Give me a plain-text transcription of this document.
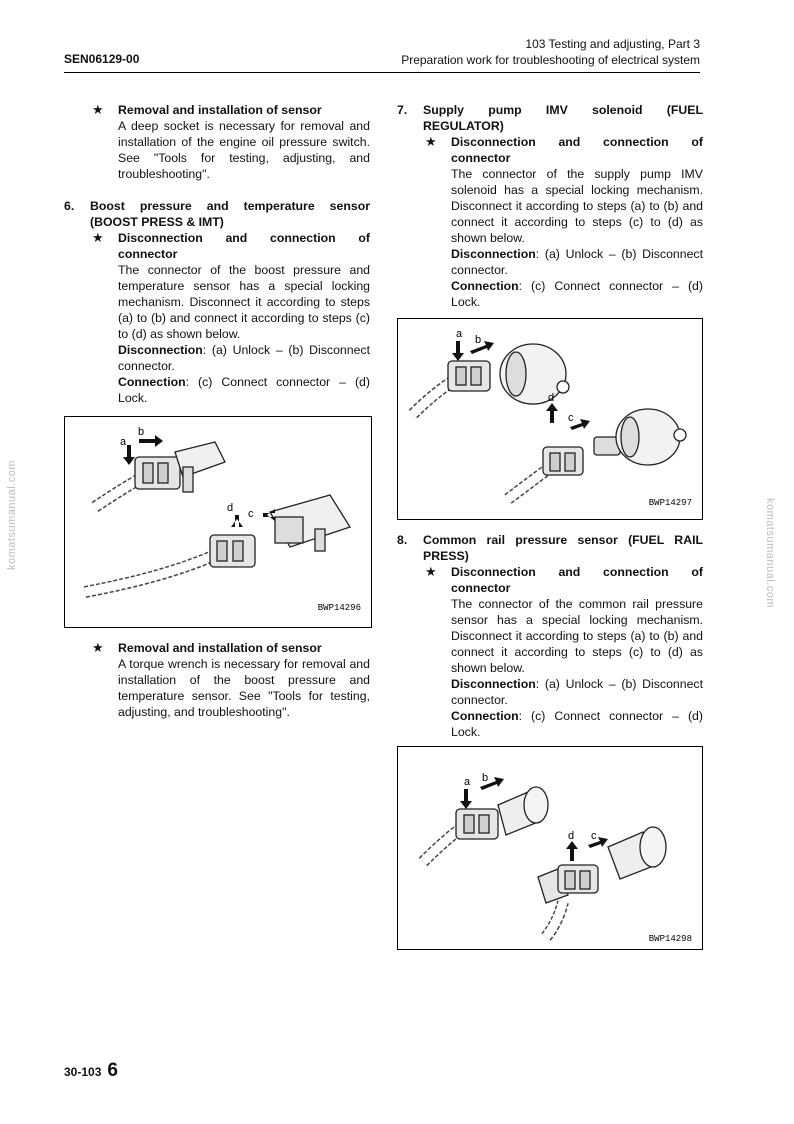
SEN06129-00
103 Testing and adjusting, Part 3
Preparation work for troubleshooting of electrical system
komatsumanual.com	komatsumanual.com
★	Removal and installation of sensor
A deep socket is necessary for removal and installation of the engine oil pressure switch. See "Tools for testing, adjusting, and troubleshooting".
6.	Boost pressure and temperature sensor (BOOST PRESS & IMT)
★	Disconnection and connection of connector
The connector of the boost pressure and temperature sensor has a special locking mechanism. Disconnect it according to steps (a) to (b) and connect it according to steps (c) to (d) as shown below.
Disconnection: (a) Unlock – (b) Disconnect connector.
Connection: (c) Connect connector – (d) Lock.
a
b
c
d
BWP14296
★	Removal and installation of sensor
A torque wrench is necessary for removal and installation of the boost pressure and temperature sensor. See "Tools for testing, adjusting, and troubleshooting".
7.	Supply pump IMV solenoid (FUEL REGULATOR)
★	Disconnection and connection of connector
The connector of the supply pump IMV solenoid has a special locking mechanism. Disconnect it according to steps (a) to (b) and connect it according to steps (c) to (d) as shown below.
Disconnection: (a) Unlock – (b) Disconnect connector.
Connection: (c) Connect connector – (d) Lock.
a b
c
d
BWP14297
8.	Common rail pressure sensor (FUEL RAIL PRESS)
★	Disconnection and connection of connector
The connector of the common rail pressure sensor has a special locking mechanism. Disconnect it according to steps (a) to (b) and connect it according to steps (c) to (d) as shown below.
Disconnection: (a) Unlock – (b) Disconnect connector.
Connection: (c) Connect connector – (d) Lock.
a b
c
d
BWP14298
30-103 6
